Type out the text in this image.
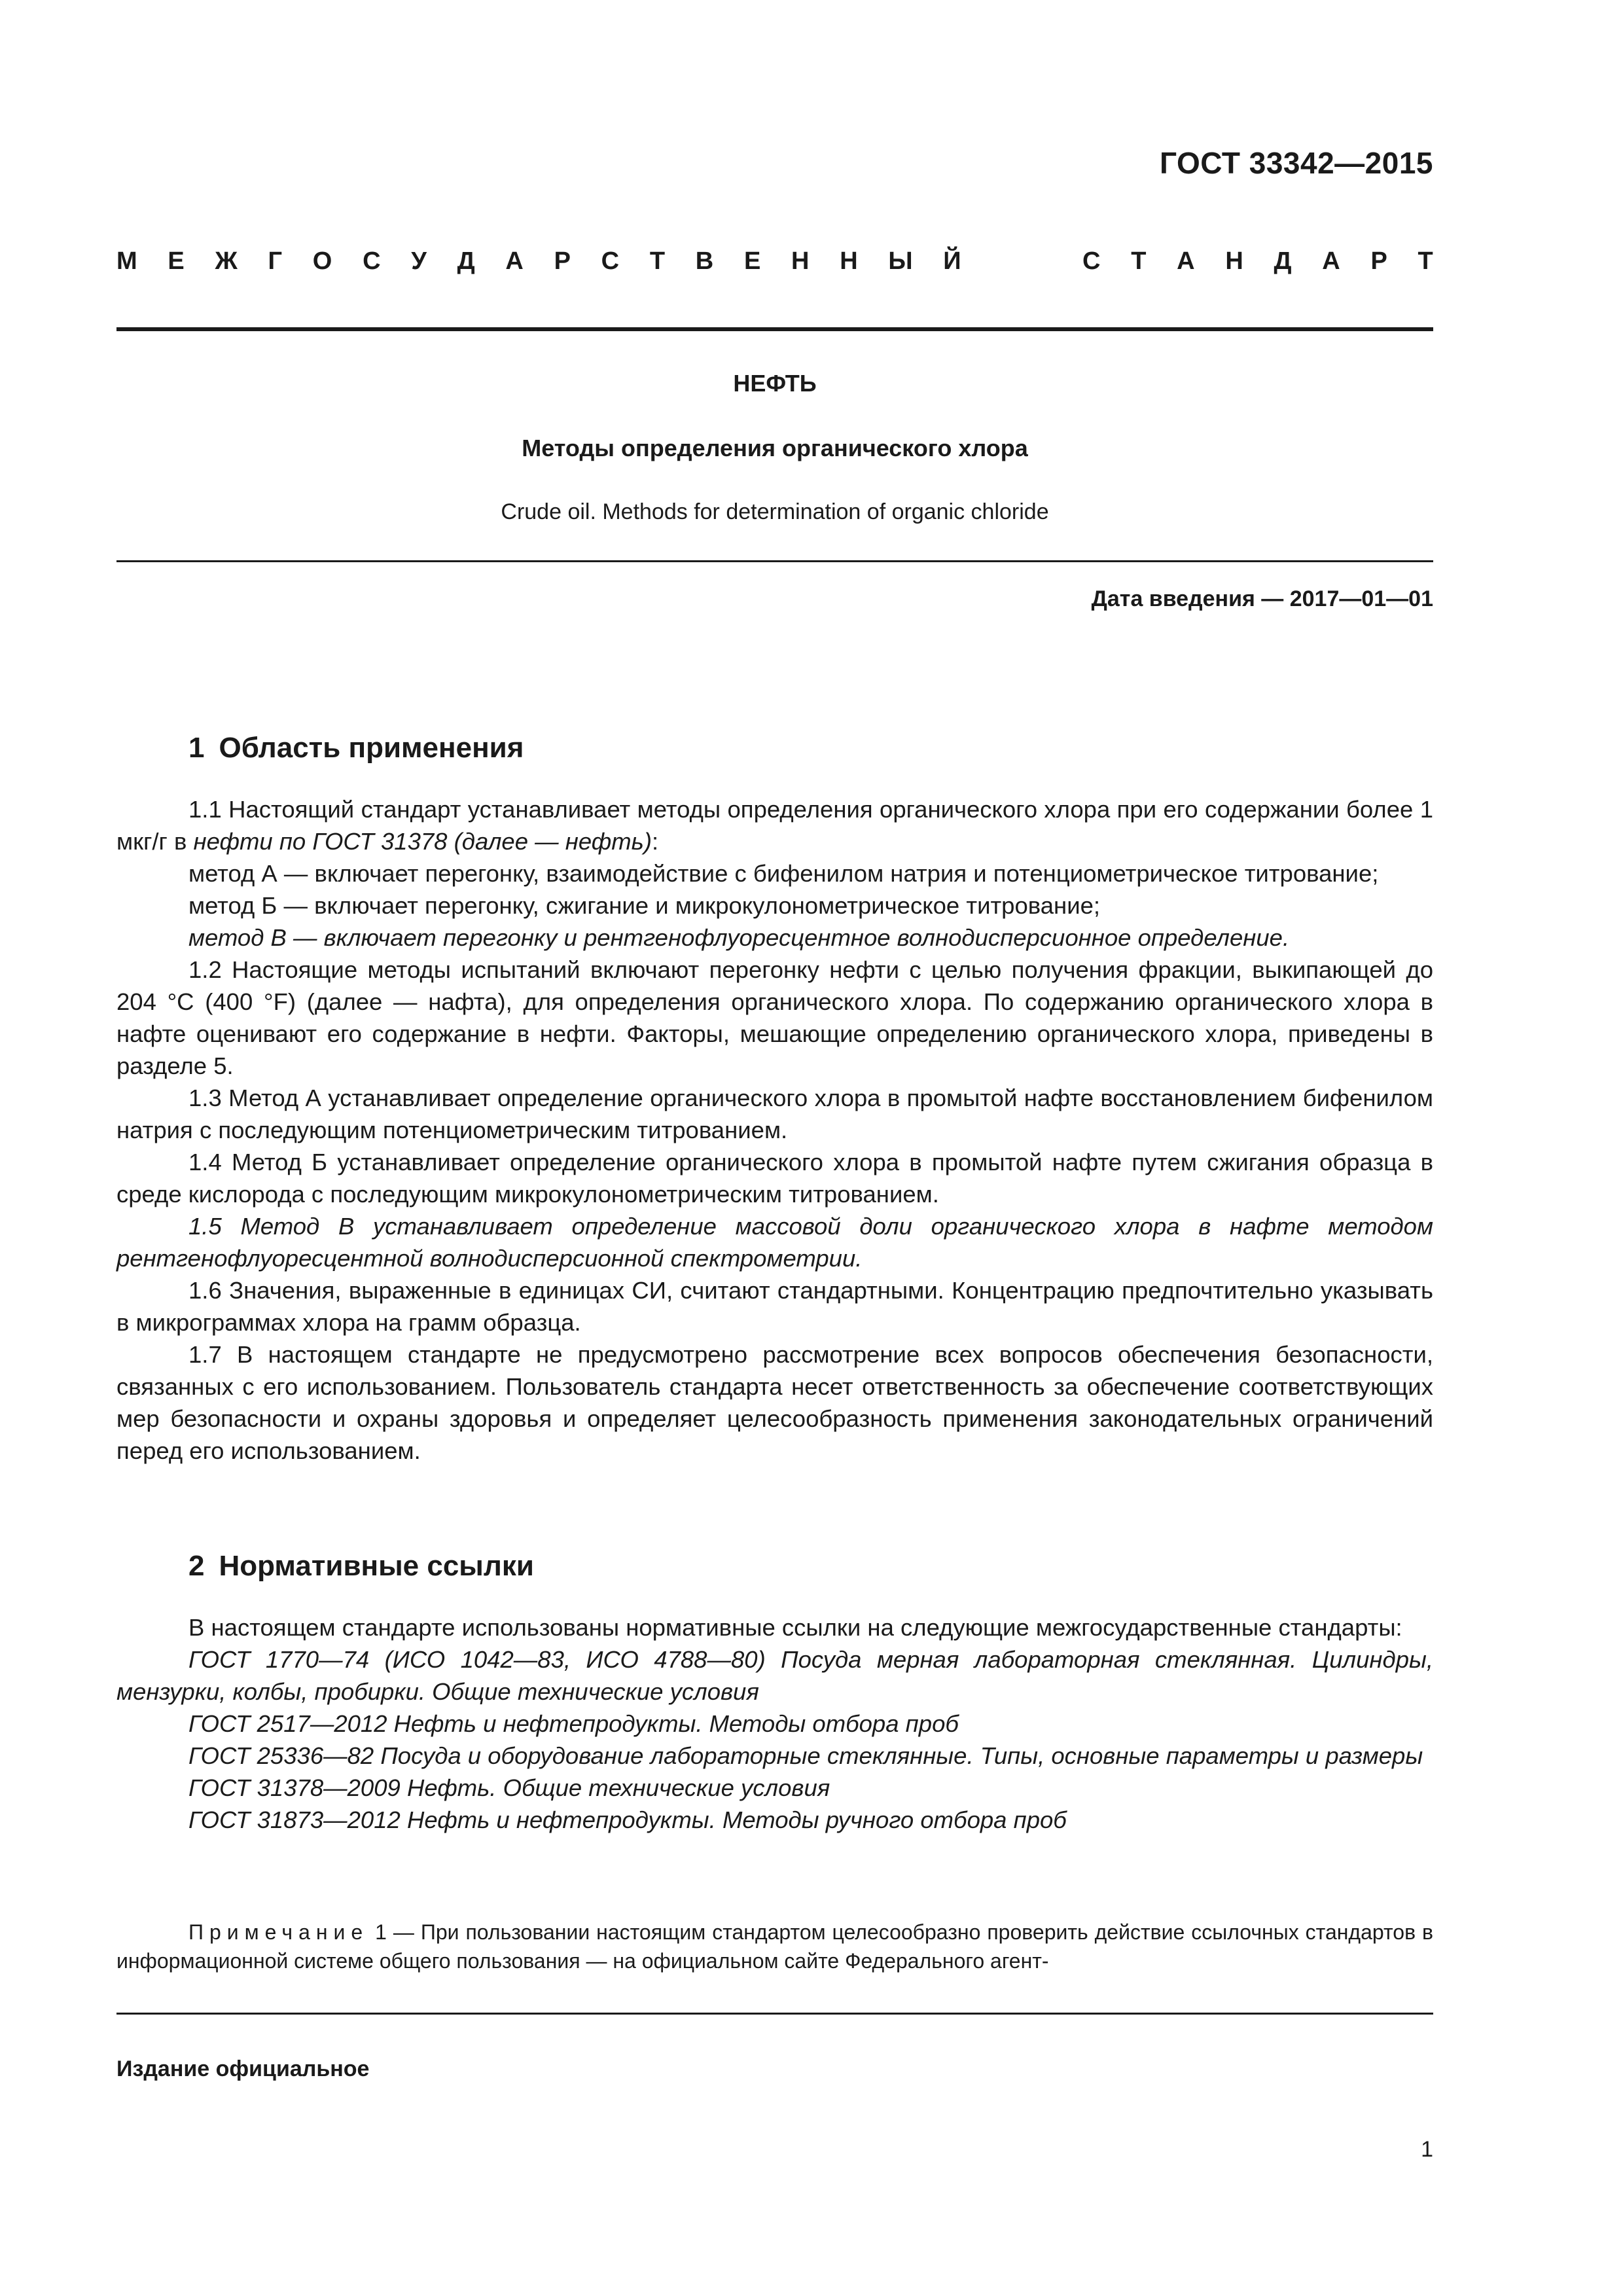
ГОСТ 33342—2015
М Е Ж Г О С У Д А Р С Т В Е Н Н Ы Й	С Т А Н Д А Р Т
НЕФТЬ
Методы определения органического хлора
Crude oil. Methods for determination of organic chloride
Дата введения — 2017—01—01
1 Область применения

1.1 Настоящий стандарт устанавливает методы определения органического хлора при его содержании более 1 мкг/г в нефти по ГОСТ 31378 (далее — нефть):

метод А — включает перегонку, взаимодействие с бифенилом натрия и потенциометрическое титрование;

метод Б — включает перегонку, сжигание и микрокулонометрическое титрование;

метод В — включает перегонку и рентгенофлуоресцентное волнодисперсионное определение.

1.2 Настоящие методы испытаний включают перегонку нефти с целью получения фракции, выкипающей до 204 °С (400 °F) (далее — нафта), для определения органического хлора. По содержанию органического хлора в нафте оценивают его содержание в нефти. Факторы, мешающие определению органического хлора, приведены в разделе 5.

1.3 Метод А устанавливает определение органического хлора в промытой нафте восстановлением бифенилом натрия с последующим потенциометрическим титрованием.

1.4 Метод Б устанавливает определение органического хлора в промытой нафте путем сжигания образца в среде кислорода с последующим микрокулонометрическим титрованием.

1.5 Метод В устанавливает определение массовой доли органического хлора в нафте методом рентгенофлуоресцентной волнодисперсионной спектрометрии.

1.6 Значения, выраженные в единицах СИ, считают стандартными. Концентрацию предпочтительно указывать в микрограммах хлора на грамм образца.

1.7 В настоящем стандарте не предусмотрено рассмотрение всех вопросов обеспечения безопасности, связанных с его использованием. Пользователь стандарта несет ответственность за обеспечение соответствующих мер безопасности и охраны здоровья и определяет целесообразность применения законодательных ограничений перед его использованием.

2 Нормативные ссылки

В настоящем стандарте использованы нормативные ссылки на следующие межгосударственные стандарты:

ГОСТ 1770—74 (ИСО 1042—83, ИСО 4788—80) Посуда мерная лабораторная стеклянная. Цилиндры, мензурки, колбы, пробирки. Общие технические условия

ГОСТ 2517—2012 Нефть и нефтепродукты. Методы отбора проб

ГОСТ 25336—82 Посуда и оборудование лабораторные стеклянные. Типы, основные параметры и размеры

ГОСТ 31378—2009 Нефть. Общие технические условия

ГОСТ 31873—2012 Нефть и нефтепродукты. Методы ручного отбора проб

Примечание 1 — При пользовании настоящим стандартом целесообразно проверить действие ссылочных стандартов в информационной системе общего пользования — на официальном сайте Федерального агент-

Издание официальное
1
